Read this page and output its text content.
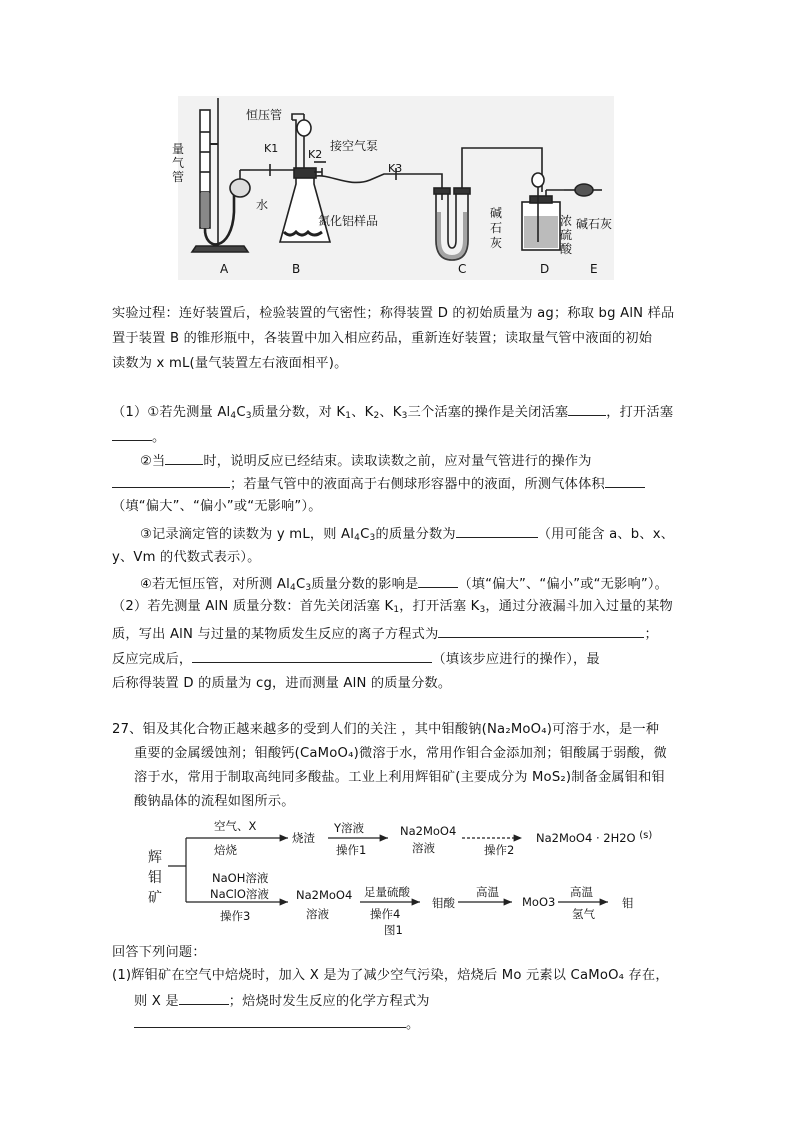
量气管
水
恒压管
K1	K2
接空气泵
K3
氮化铝样品
碱石灰
浓硫酸
碱石灰
A	B	C	D	E
实验过程：连好装置后，检验装置的气密性；称得装置 D 的初始质量为 ag；称取 bg AlN 样品
置于装置 B 的锥形瓶中，各装置中加入相应药品，重新连好装置；读取量气管中液面的初始
读数为 x mL(量气装置左右液面相平)。
（1）①若先测量 $Al_4C_3$质量分数，对 $K_1$、$K_2$、$K_3$三个活塞的操作是关闭活塞	，打开活塞
。
②当	时，说明反应已经结束。读取读数之前，应对量气管进行的操作为
；若量气管中的液面高于右侧球形容器中的液面，所测气体体积
（填“偏大”、“偏小”或“无影响”）。
③记录滴定管的读数为 y mL，则 $Al_4C_3$的质量分数为	（用可能含 a、b、x、
y、Vm 的代数式表示）。
④若无恒压管，对所测 $Al_4C_3$质量分数的影响是	（填“偏大”、“偏小”或“无影响”）。
（2）若先测量 AlN 质量分数：首先关闭活塞 $K_1$，打开活塞 $K_3$，通过分液漏斗加入过量的某物
质，写出 AlN 与过量的某物质发生反应的离子方程式为	；
反应完成后，	（填该步应进行的操作），最
后称得装置 D 的质量为 cg，进而测量 AlN 的质量分数。
27、钼及其化合物正越来越多的受到人们的关注 ，其中钼酸钠(Na₂MoO₄)可溶于水，是一种
重要的金属缓蚀剂；钼酸钙(CaMoO₄)微溶于水，常用作钼合金添加剂；钼酸属于弱酸，微
溶于水，常用于制取高纯同多酸盐。工业上利用辉钼矿(主要成分为 MoS₂)制备金属钼和钼
酸钠晶体的流程如图所示。
辉
钼
矿
空气、X
焙烧
烧渣
Y溶液
操作1
Na2MoO4
溶液	操作2
Na2MoO4 · 2H2O (s)
NaOH溶液
NaClO溶液
操作3
Na2MoO4
溶液
足量硫酸
操作4
钼酸
高温
MoO3
高温
氢气
钼
图1
回答下列问题：
(1)辉钼矿在空气中焙烧时，加入 X 是为了减少空气污染，焙烧后 Mo 元素以 CaMoO₄ 存在，
则 X 是	；焙烧时发生反应的化学方程式为
。
